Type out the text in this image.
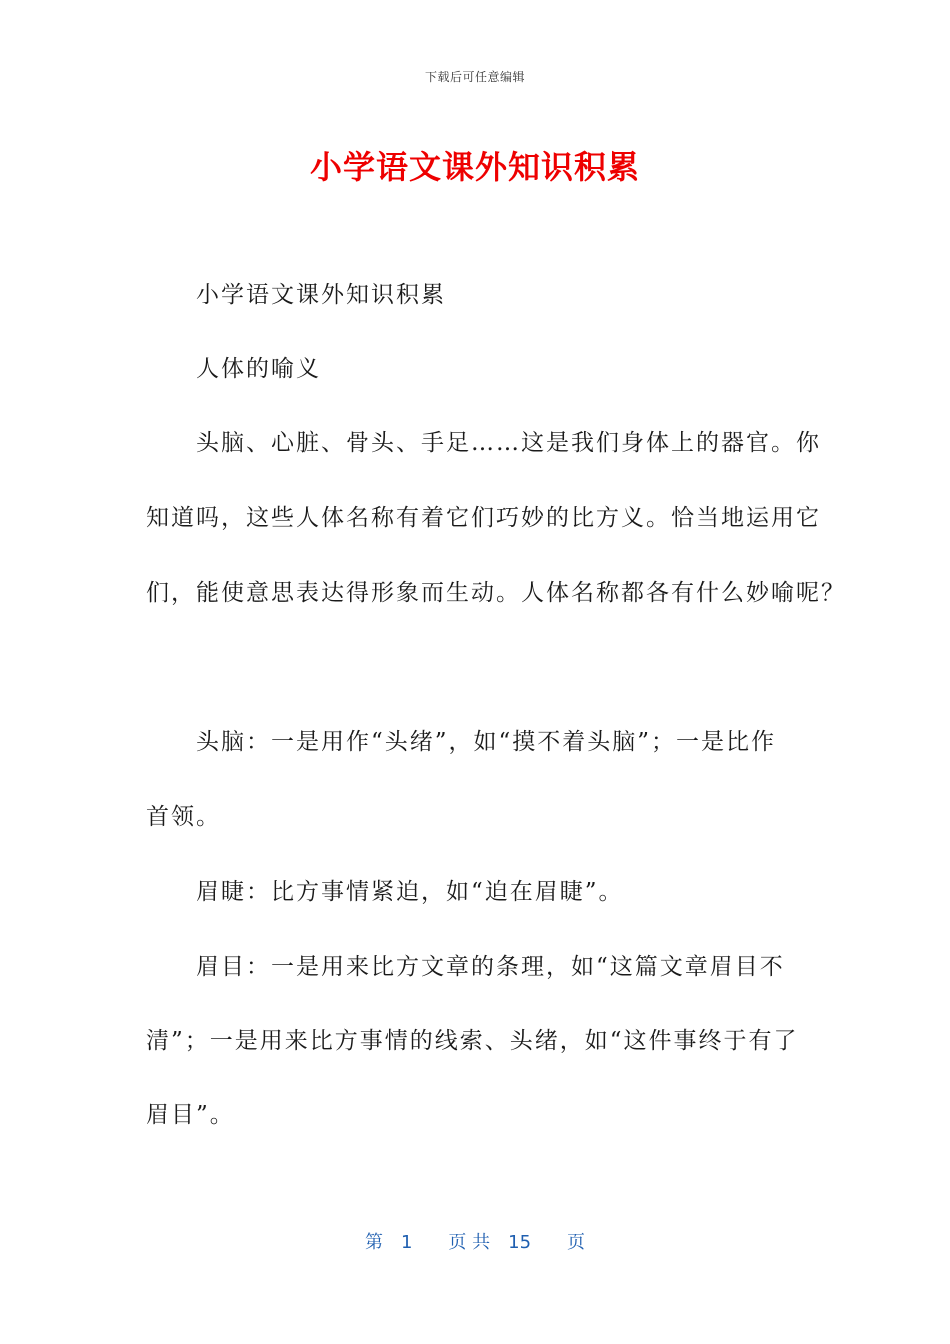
下载后可任意编辑
小学语文课外知识积累
　　小学语文课外知识积累
　　人体的喻义
　　头脑、心脏、骨头、手足……这是我们身体上的器官。你
知道吗，这些人体名称有着它们巧妙的比方义。恰当地运用它
们，能使意思表达得形象而生动。人体名称都各有什么妙喻呢？
　　头脑：一是用作“头绪”，如“摸不着头脑”；一是比作
首领。
　　眉睫：比方事情紧迫，如“迫在眉睫”。
　　眉目：一是用来比方文章的条理，如“这篇文章眉目不
清”；一是用来比方事情的线索、头绪，如“这件事终于有了
眉目”。
第　1　　页 共　15　　页
